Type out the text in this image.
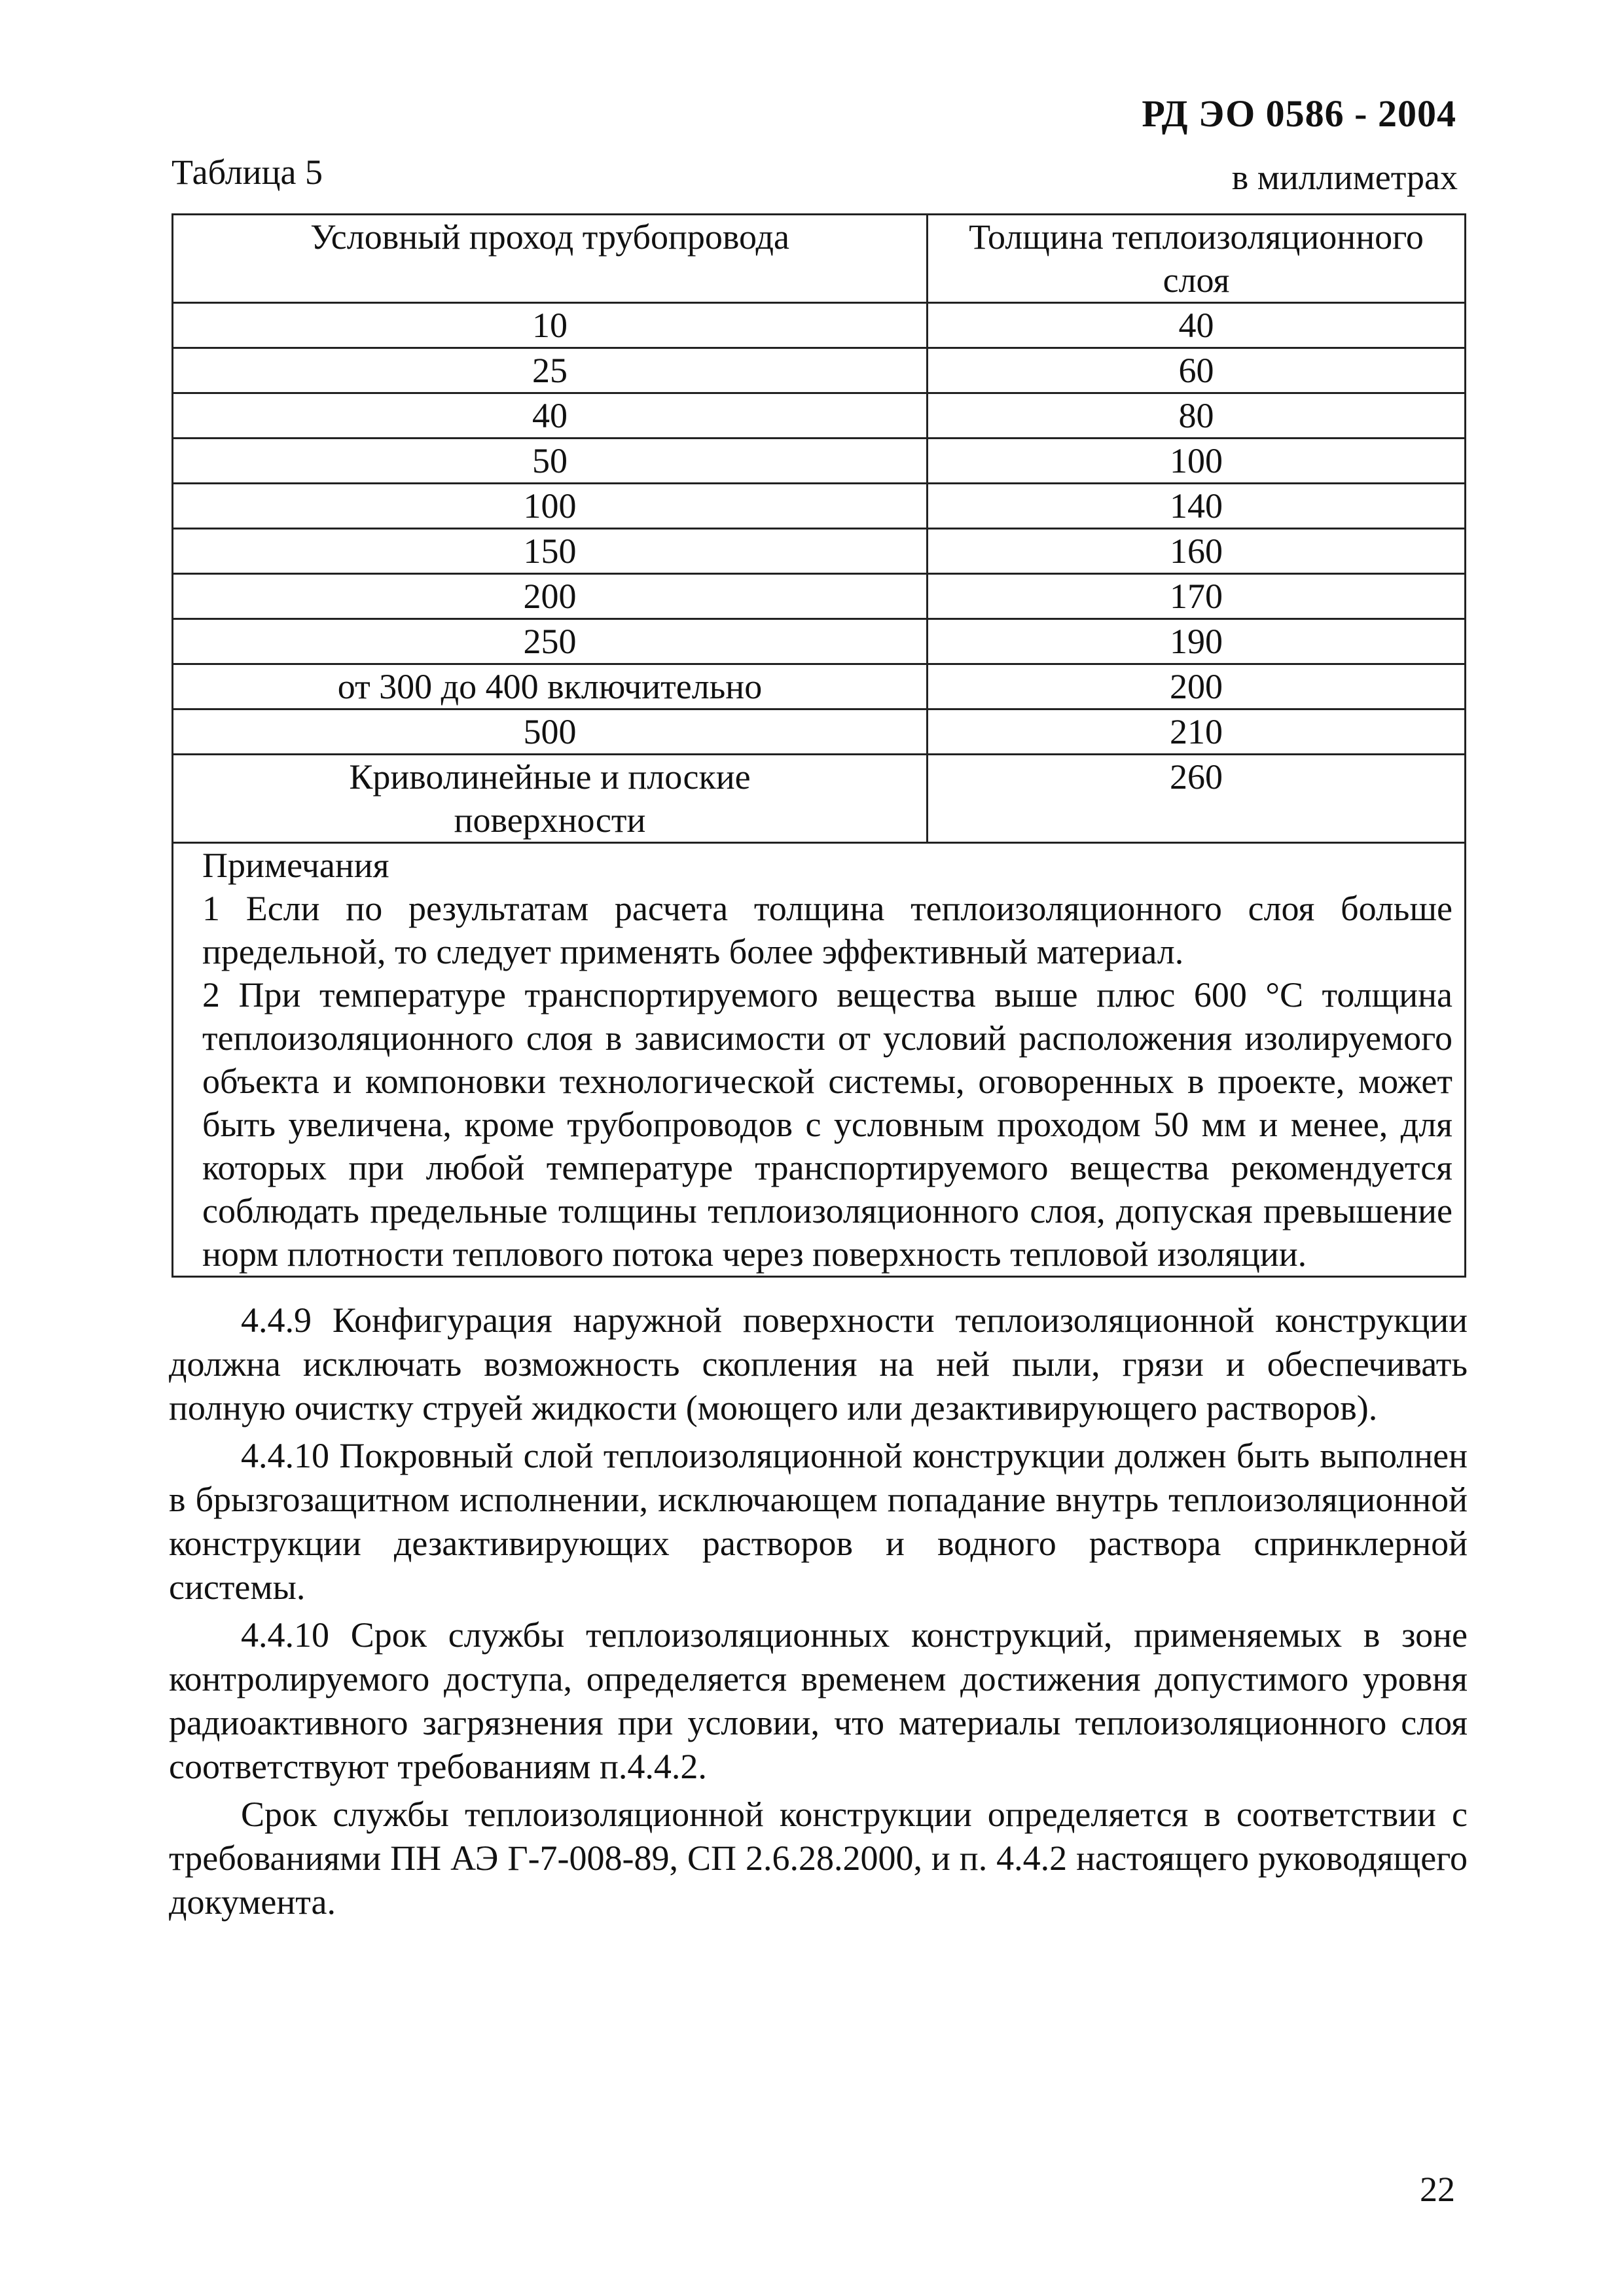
РД ЭО 0586 - 2004
Таблица 5	в миллиметрах
Условный проход трубопровода	Толщина теплоизоляционного слоя
10	40
25	60
40	80
50	100
100	140
150	160
200	170
250	190
от 300 до 400 включительно	200
500	210
Криволинейные и плоские поверхности	260

Примечания
1 Если по результатам расчета толщина теплоизоляционного слоя больше предельной, то следует применять более эффективный материал.
2 При температуре транспортируемого вещества выше плюс 600 °С толщина теплоизоляционного слоя в зависимости от условий расположения изолируемого объекта и компоновки технологической системы, оговоренных в проекте, может быть увеличена, кроме трубопроводов с условным проходом 50 мм и менее, для которых при любой температуре транспортируемого вещества рекомендуется соблюдать предельные толщины теплоизоляционного слоя, допуская превышение норм плотности теплового потока через поверхность тепловой изоляции.	

4.4.9 Конфигурация наружной поверхности теплоизоляционной конструкции должна исключать возможность скопления на ней пыли, грязи и обеспечивать полную очистку струей жидкости (моющего или дезактивирующего растворов).

4.4.10 Покровный слой теплоизоляционной конструкции должен быть выполнен в брызгозащитном исполнении, исключающем попадание внутрь теплоизоляционной конструкции дезактивирующих растворов и водного раствора спринклерной системы.

4.4.10 Срок службы теплоизоляционных конструкций, применяемых в зоне контролируемого доступа, определяется временем достижения допустимого уровня радиоактивного загрязнения при условии, что материалы теплоизоляционного слоя соответствуют требованиям п.4.4.2.

Срок службы теплоизоляционной конструкции определяется в соответствии с требованиями ПН АЭ Г-7-008-89, СП 2.6.28.2000, и п. 4.4.2 настоящего руководящего документа.

22
